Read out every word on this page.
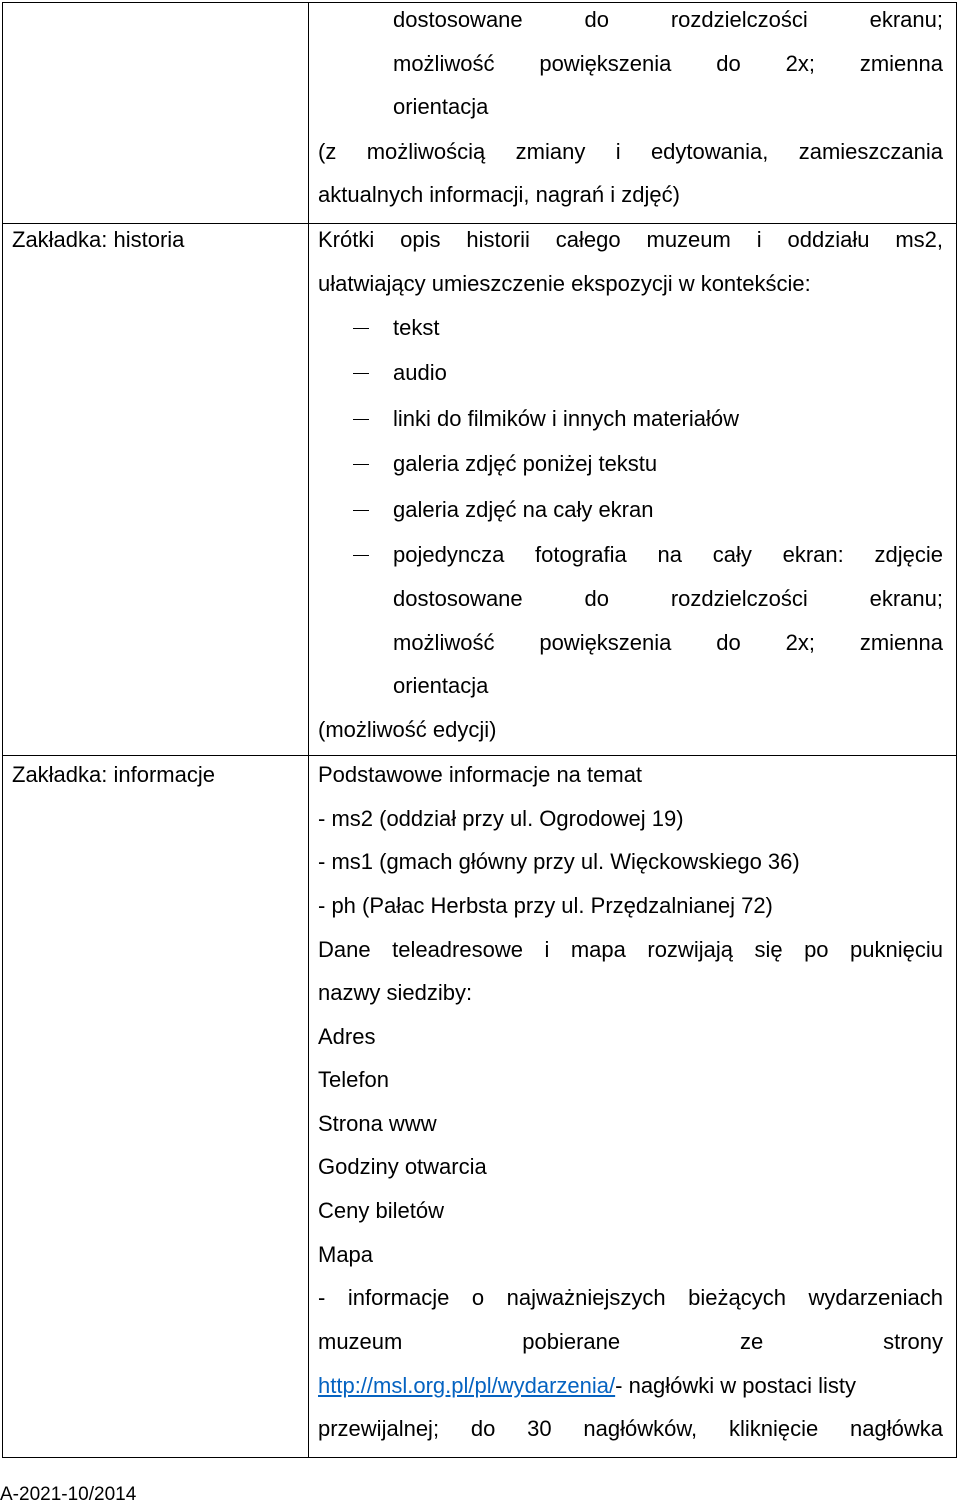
dostosowane do rozdzielczości ekranu;
możliwość powiększenia do 2x; zmienna
orientacja
(z możliwością zmiany i edytowania, zamieszczania
aktualnych informacji, nagrań i zdjęć)
Zakładka: historia	Krótki opis historii całego muzeum i oddziału ms2,
ułatwiający umieszczenie ekspozycji w kontekście:
tekst
audio
linki do filmików i innych materiałów
galeria zdjęć poniżej tekstu
galeria zdjęć na cały ekran
pojedyncza fotografia na cały ekran: zdjęcie
dostosowane do rozdzielczości ekranu;
możliwość powiększenia do 2x; zmienna
orientacja
(możliwość edycji)
Zakładka: informacje	Podstawowe informacje na temat
- ms2 (oddział przy ul. Ogrodowej 19)
- ms1 (gmach główny przy ul. Więckowskiego 36)
- ph (Pałac Herbsta przy ul. Przędzalnianej 72)
Dane teleadresowe i mapa rozwijają się po puknięciu
nazwy siedziby:
Adres
Telefon
Strona www
Godziny otwarcia
Ceny biletów
Mapa
- informacje o najważniejszych bieżących wydarzeniach
muzeum pobierane ze strony
http://msl.org.pl/pl/wydarzenia/- nagłówki w postaci listy
przewijalnej; do 30 nagłówków, kliknięcie nagłówka
A-2021-10/2014
